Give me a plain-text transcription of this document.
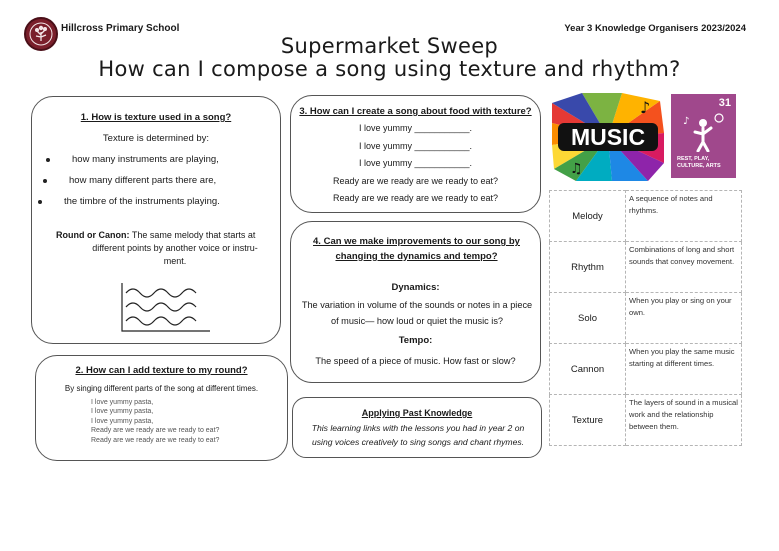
Hillcross Primary School	Year 3 Knowledge Organisers 2023/2024
Supermarket Sweep
How can I compose a song using texture and rhythm?
1. How is texture used in a song?
Texture is determined by:
how many instruments are playing,
how many different parts there are,
the timbre of the instruments playing.
Round or Canon: The same melody that starts at
different points by another voice or instru-
ment.
2. How can I add texture to my round?
By singing different parts of the song at different times.
I love yummy pasta,
I love yummy pasta,
I love yummy pasta,
Ready are we ready are we ready to eat?
Ready are we ready are we ready to eat?
3. How can I create a song about food with texture?
I love yummy ___________.
I love yummy ___________.
I love yummy ___________.
Ready are we ready are we ready to eat?
Ready are we ready are we ready to eat?
4. Can we make improvements to our song by changing the dynamics and tempo?
Dynamics:
The variation in volume of the sounds or notes in a piece of music— how loud or quiet the music is?
Tempo:
The speed of a piece of music. How fast or slow?
Applying Past Knowledge
This learning links with the lessons you had in year 2 on using voices creatively to sing songs and chant rhymes.
MUSIC
♪
♫
31
♪
REST, PLAY,
CULTURE, ARTS
Melody	A sequence of notes and rhythms.
Rhythm	Combinations of long and short sounds that convey movement.
Solo	When you play or sing on your own.
Cannon	When you play the same music starting at different times.
Texture	The layers of sound in a musical work and the relationship between them.
